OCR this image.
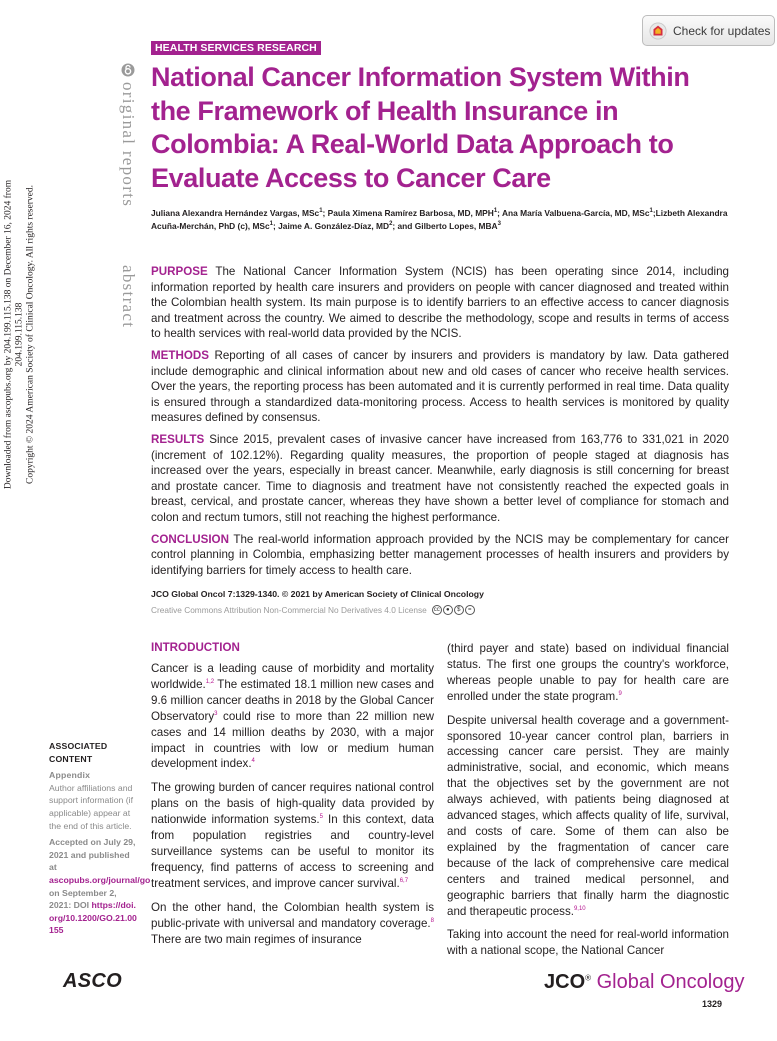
Downloaded from ascopubs.org by 204.199.115.138 on December 16, 2024 from 204.199.115.138 Copyright © 2024 American Society of Clinical Oncology. All rights reserved.
Check for updates
HEALTH SERVICES RESEARCH
original reports
abstract
National Cancer Information System Within the Framework of Health Insurance in Colombia: A Real-World Data Approach to Evaluate Access to Cancer Care
Juliana Alexandra Hernández Vargas, MSc$^1$; Paula Ximena Ramírez Barbosa, MD, MPH$^1$; Ana María Valbuena-García, MD, MSc$^1$;Lizbeth Alexandra Acuña-Merchán, PhD (c), MSc$^1$; Jaime A. González-Díaz, $MD^2$; and Gilberto Lopes, MBA$^3$

PURPOSE The National Cancer Information System (NCIS) has been operating since 2014, including information reported by health care insurers and providers on people with cancer diagnosed and treated within the Colombian health system. Its main purpose is to identify barriers to an effective access to cancer diagnosis and treatment across the country. We aimed to describe the methodology, scope and results in terms of access to health services with real-world data provided by the NCIS.

METHODS Reporting of all cases of cancer by insurers and providers is mandatory by law. Data gathered include demographic and clinical information about new and old cases of cancer who receive health services. Over the years, the reporting process has been automated and it is currently performed in real time. Data quality is ensured through a standardized data-monitoring process. Access to health services is monitored by quality measures defined by consensus.

RESULTS Since 2015, prevalent cases of invasive cancer have increased from 163,776 to 331,021 in 2020 (increment of 102.12%). Regarding quality measures, the proportion of people staged at diagnosis has increased over the years, especially in breast cancer. Meanwhile, early diagnosis is still concerning for breast and prostate cancer. Time to diagnosis and treatment have not consistently reached the expected goals in breast, cervical, and prostate cancer, whereas they have shown a better level of compliance for stomach and colon and rectum tumors, still not reaching the highest performance.

CONCLUSION The real-world information approach provided by the NCIS may be complementary for cancer control planning in Colombia, emphasizing better management processes of health insurers and providers by identifying barriers for timely access to health care.

JCO Global Oncol 7:1329-1340. © 2021 by American Society of Clinical Oncology
Creative Commons Attribution Non-Commercial No Derivatives 4.0 License	cc	●	$	=
INTRODUCTION

Cancer is a leading cause of morbidity and mortality worldwide.$^{1,2}$ The estimated 18.1 million new cases and 9.6 million cancer deaths in 2018 by the Global Cancer Observatory$^3$ could rise to more than 22 million new cases and 14 million deaths by 2030, with a major impact in countries with low or medium human development index.$^4$

The growing burden of cancer requires national control plans on the basis of high-quality data provided by nationwide information systems.$^5$ In this context, data from population registries and country-level surveillance systems can be useful to monitor its frequency, find patterns of access to screening and treatment services, and improve cancer survival.$^{6,7}$

On the other hand, the Colombian health system is public-private with universal and mandatory coverage.$^8$ There are two main regimes of insurance

(third payer and state) based on individual financial status. The first one groups the country's workforce, whereas people unable to pay for health care are enrolled under the state program.$^9$

Despite universal health coverage and a government-sponsored 10-year cancer control plan, barriers in accessing cancer care persist. They are mainly administrative, social, and economic, which means that the objectives set by the government are not always achieved, with patients being diagnosed at advanced stages, which affects quality of life, survival, and costs of care. Some of them can also be explained by the fragmentation of cancer care because of the lack of comprehensive care medical centers and trained medical personnel, and geographic barriers that finally harm the diagnostic and therapeutic process.$^{9,10}$

Taking into account the need for real-world information with a national scope, the National Cancer

ASSOCIATED CONTENT
Appendix
Author affiliations and support information (if applicable) appear at the end of this article.
Accepted on July 29, 2021 and published at ascopubs.org/journal/go on September 2, 2021: DOI https://doi.org/10.1200/GO.21.00155
ASCO	JCO® Global Oncology
1329
